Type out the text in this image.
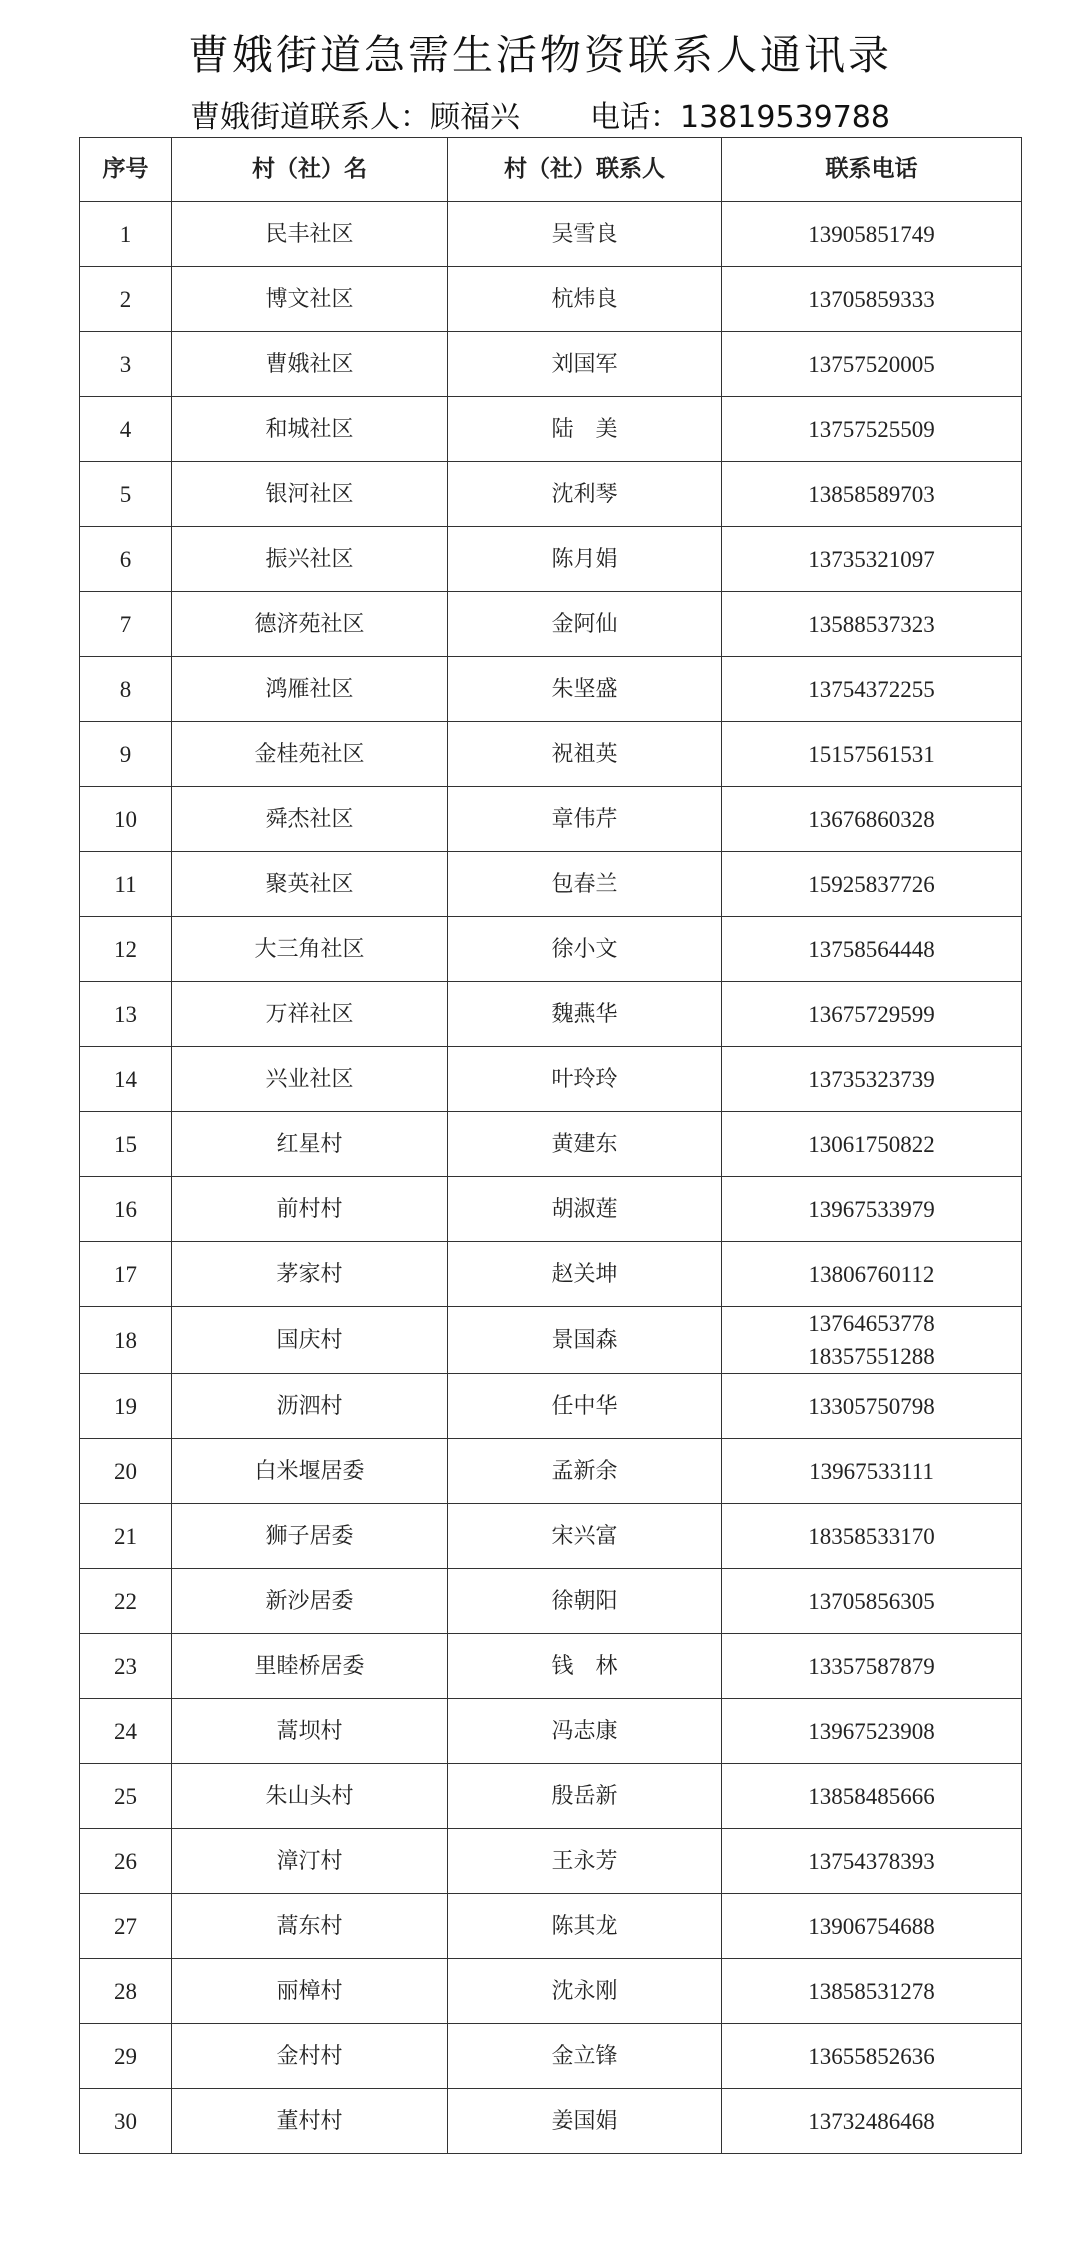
曹娥街道急需生活物资联系人通讯录
曹娥街道联系人：顾福兴 电话：13819539788
序号	村（社）名	村（社）联系人	联系电话
1	民丰社区	吴雪良	13905851749
2	博文社区	杭炜良	13705859333
3	曹娥社区	刘国军	13757520005
4	和城社区	陆　美	13757525509
5	银河社区	沈利琴	13858589703
6	振兴社区	陈月娟	13735321097
7	德济苑社区	金阿仙	13588537323
8	鸿雁社区	朱坚盛	13754372255
9	金桂苑社区	祝祖英	15157561531
10	舜杰社区	章伟芹	13676860328
11	聚英社区	包春兰	15925837726
12	大三角社区	徐小文	13758564448
13	万祥社区	魏燕华	13675729599
14	兴业社区	叶玲玲	13735323739
15	红星村	黄建东	13061750822
16	前村村	胡淑莲	13967533979
17	茅家村	赵关坤	13806760112
18	国庆村	景国森	13764653778
18357551288

19	沥泗村	任中华	13305750798
20	白米堰居委	孟新余	13967533111
21	狮子居委	宋兴富	18358533170
22	新沙居委	徐朝阳	13705856305
23	里睦桥居委	钱　林	13357587879
24	蒿坝村	冯志康	13967523908
25	朱山头村	殷岳新	13858485666
26	漳汀村	王永芳	13754378393
27	蒿东村	陈其龙	13906754688
28	丽樟村	沈永刚	13858531278
29	金村村	金立锋	13655852636
30	董村村	姜国娟	13732486468
